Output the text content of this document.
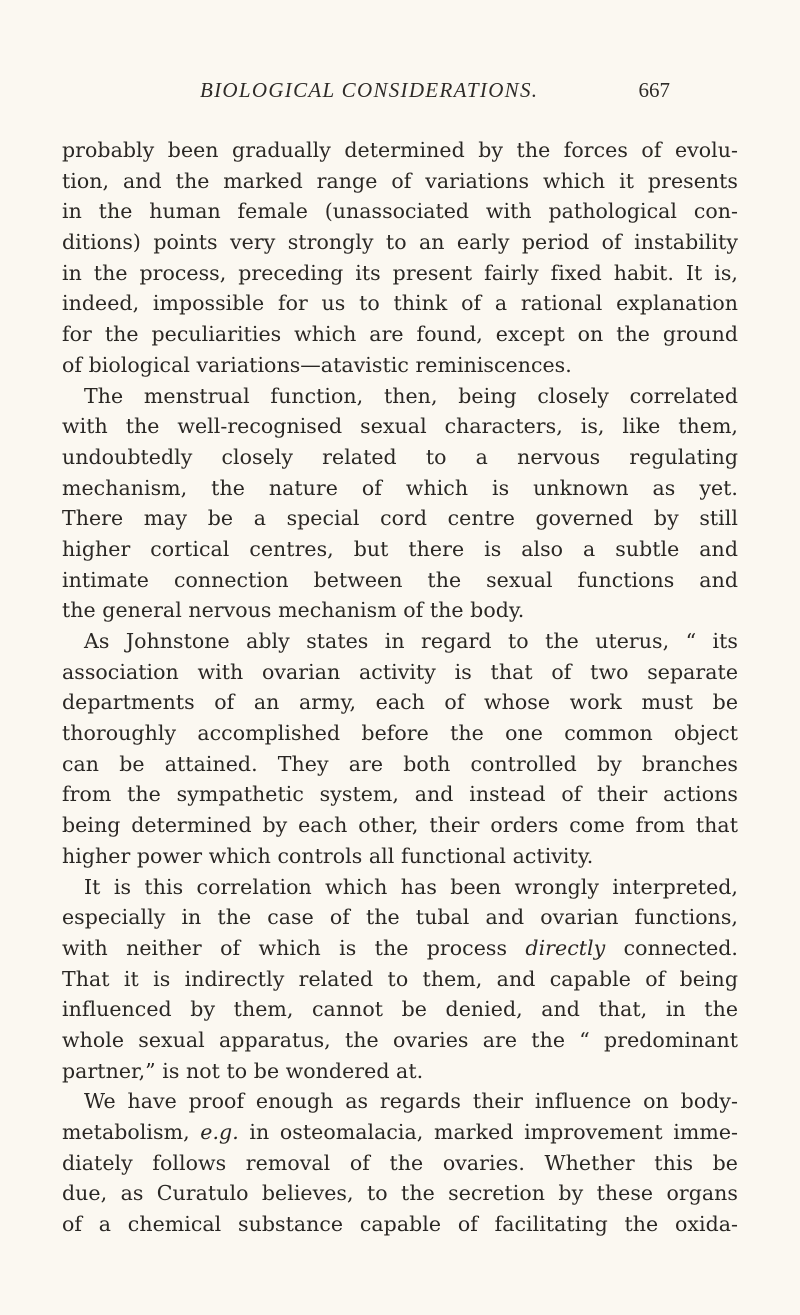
BIOLOGICAL CONSIDERATIONS.	667
probably been gradually determined by the forces of evolu-
tion, and the marked range of variations which it presents
in the human female (unassociated with pathological con-
ditions) points very strongly to an early period of instability
in the process, preceding its present fairly fixed habit. It is,
indeed, impossible for us to think of a rational explanation
for the peculiarities which are found, except on the ground
of biological variations—atavistic reminiscences.
The menstrual function, then, being closely correlated
with the well-recognised sexual characters, is, like them,
undoubtedly closely related to a nervous regulating
mechanism, the nature of which is unknown as yet.
There may be a special cord centre governed by still
higher cortical centres, but there is also a subtle and
intimate connection between the sexual functions and
the general nervous mechanism of the body.
As Johnstone ably states in regard to the uterus, “ its
association with ovarian activity is that of two separate
departments of an army, each of whose work must be
thoroughly accomplished before the one common object
can be attained. They are both controlled by branches
from the sympathetic system, and instead of their actions
being determined by each other, their orders come from that
higher power which controls all functional activity.
It is this correlation which has been wrongly interpreted,
especially in the case of the tubal and ovarian functions,
with neither of which is the process directly connected.
That it is indirectly related to them, and capable of being
influenced by them, cannot be denied, and that, in the
whole sexual apparatus, the ovaries are the “ predominant
partner,” is not to be wondered at.
We have proof enough as regards their influence on body-
metabolism, e.g. in osteomalacia, marked improvement imme-
diately follows removal of the ovaries. Whether this be
due, as Curatulo believes, to the secretion by these organs
of a chemical substance capable of facilitating the oxida-
